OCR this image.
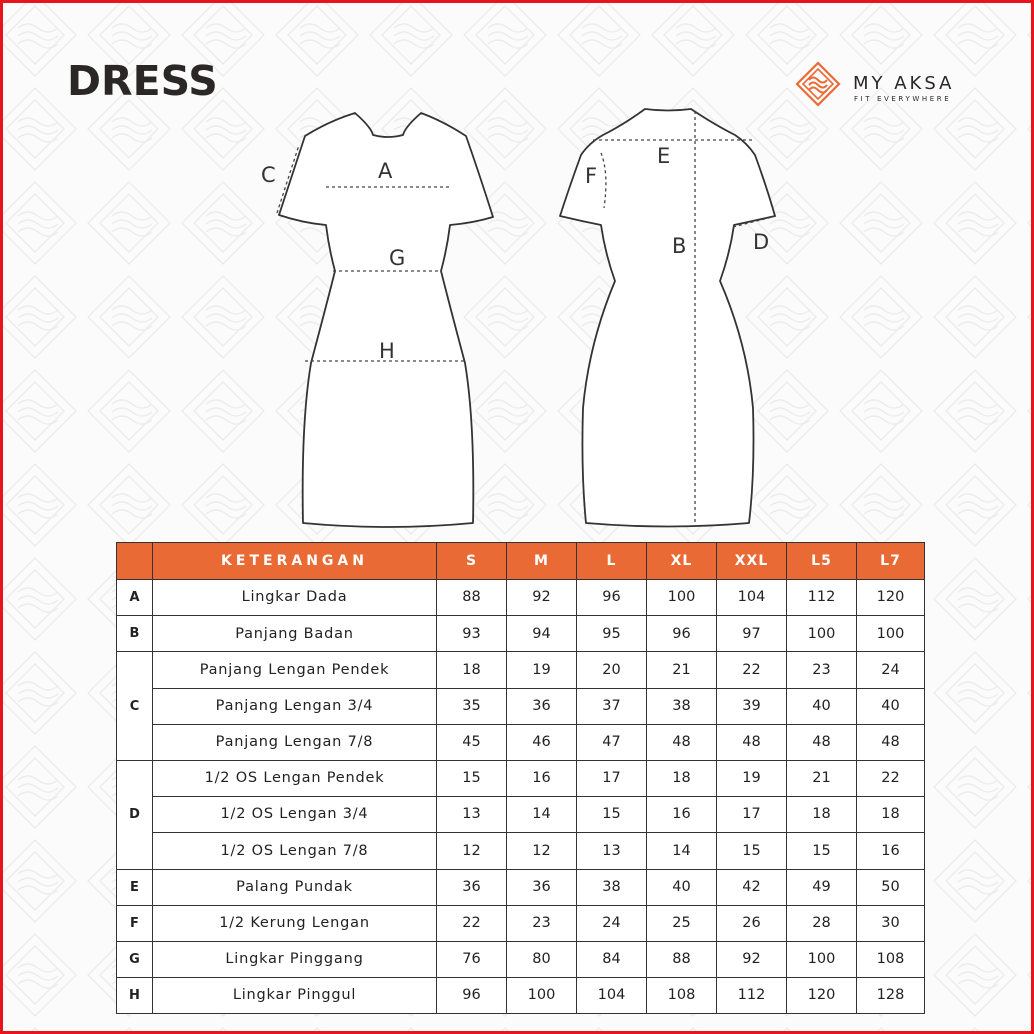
DRESS	MY AKSA
FIT EVERYWHERE
A
C
G
H
E
F
B	D
	KETERANGAN	S	M	L	XL	XXL	L5	L7
A	Lingkar Dada	88	92	96	100	104	112	120
B	Panjang Badan	93	94	95	96	97	100	100
C	Panjang Lengan Pendek	18	19	20	21	22	23	24
	Panjang Lengan 3/4	35	36	37	38	39	40	40
	Panjang Lengan 7/8	45	46	47	48	48	48	48
D	1/2 OS Lengan Pendek	15	16	17	18	19	21	22
	1/2 OS Lengan 3/4	13	14	15	16	17	18	18
	1/2 OS Lengan 7/8	12	12	13	14	15	15	16
E	Palang Pundak	36	36	38	40	42	49	50
F	1/2 Kerung Lengan	22	23	24	25	26	28	30
G	Lingkar Pinggang	76	80	84	88	92	100	108
H	Lingkar Pinggul	96	100	104	108	112	120	128
